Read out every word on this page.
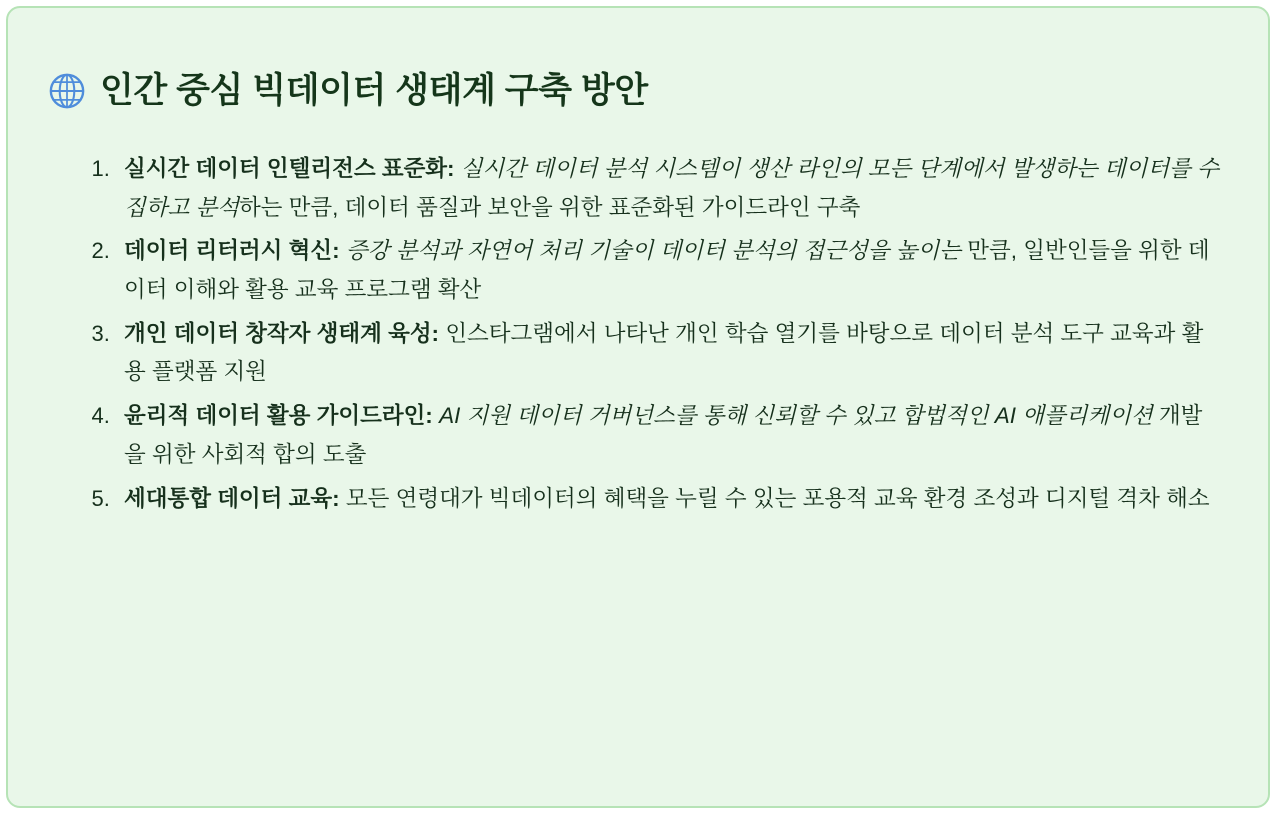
인간 중심 빅데이터 생태계 구축 방안
1. 실시간 데이터 인텔리전스 표준화: 실시간 데이터 분석 시스템이 생산 라인의 모든 단계에서 발생하는 데이터를 수집하고 분석하는 만큼, 데이터 품질과 보안을 위한 표준화된 가이드라인 구축
2. 데이터 리터러시 혁신: 증강 분석과 자연어 처리 기술이 데이터 분석의 접근성을 높이는 만큼, 일반인들을 위한 데이터 이해와 활용 교육 프로그램 확산
3. 개인 데이터 창작자 생태계 육성: 인스타그램에서 나타난 개인 학습 열기를 바탕으로 데이터 분석 도구 교육과 활용 플랫폼 지원
4. 윤리적 데이터 활용 가이드라인: AI 지원 데이터 거버넌스를 통해 신뢰할 수 있고 합법적인 AI 애플리케이션 개발을 위한 사회적 합의 도출
5. 세대통합 데이터 교육: 모든 연령대가 빅데이터의 혜택을 누릴 수 있는 포용적 교육 환경 조성과 디지털 격차 해소
